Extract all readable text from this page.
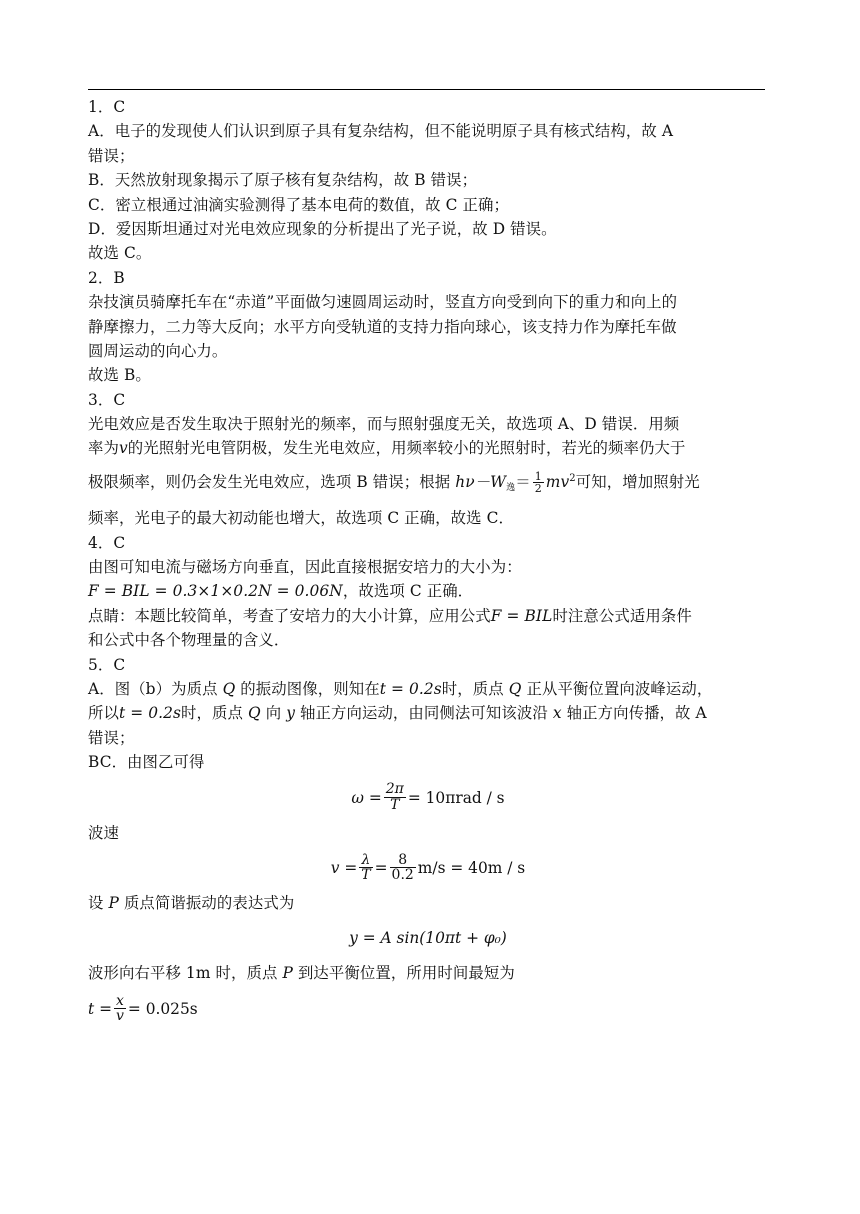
1．C
A．电子的发现使人们认识到原子具有复杂结构，但不能说明原子具有核式结构，故 A
错误；
B．天然放射现象揭示了原子核有复杂结构，故 B 错误；
C．密立根通过油滴实验测得了基本电荷的数值，故 C 正确；
D．爱因斯坦通过对光电效应现象的分析提出了光子说，故 D 错误。
故选 C。
2．B
杂技演员骑摩托车在“赤道”平面做匀速圆周运动时，竖直方向受到向下的重力和向上的
静摩擦力，二力等大反向；水平方向受轨道的支持力指向球心，该支持力作为摩托车做
圆周运动的向心力。
故选 B。
3．C
光电效应是否发生取决于照射光的频率，而与照射强度无关，故选项 A、D 错误．用频
率为v的光照射光电管阴极，发生光电效应，用频率较小的光照射时，若光的频率仍大于
极限频率，则仍会发生光电效应，选项 B 错误；根据 $h\nu-W_逸= \frac{1}{2} mv^2$可知，增加照射光
频率，光电子的最大初动能也增大，故选项 C 正确，故选 C．
4．C
由图可知电流与磁场方向垂直，因此直接根据安培力的大小为：
F = BIL = 0.3×1×0.2N = 0.06N，故选项 C 正确．
点睛：本题比较简单，考查了安培力的大小计算，应用公式F = BIL时注意公式适用条件
和公式中各个物理量的含义．
5．C
A．图（b）为质点 Q 的振动图像，则知在t = 0.2s时，质点 Q 正从平衡位置向波峰运动，
所以t = 0.2s时，质点 Q 向 y 轴正方向运动，由同侧法可知该波沿 x 轴正方向传播，故 A
错误；
BC．由图乙可得
$\omega = \frac{2\pi}{T} = 10\pi rad / s$
波速
$v = \frac{\lambda}{T} = \frac{8}{0.2} m/s = 40m / s$
设 P 质点简谐振动的表达式为
y = A sin(10πt + φ₀)
波形向右平移 1m 时，质点 P 到达平衡位置，所用时间最短为
$t = \frac{x}{v} = 0.025s$
